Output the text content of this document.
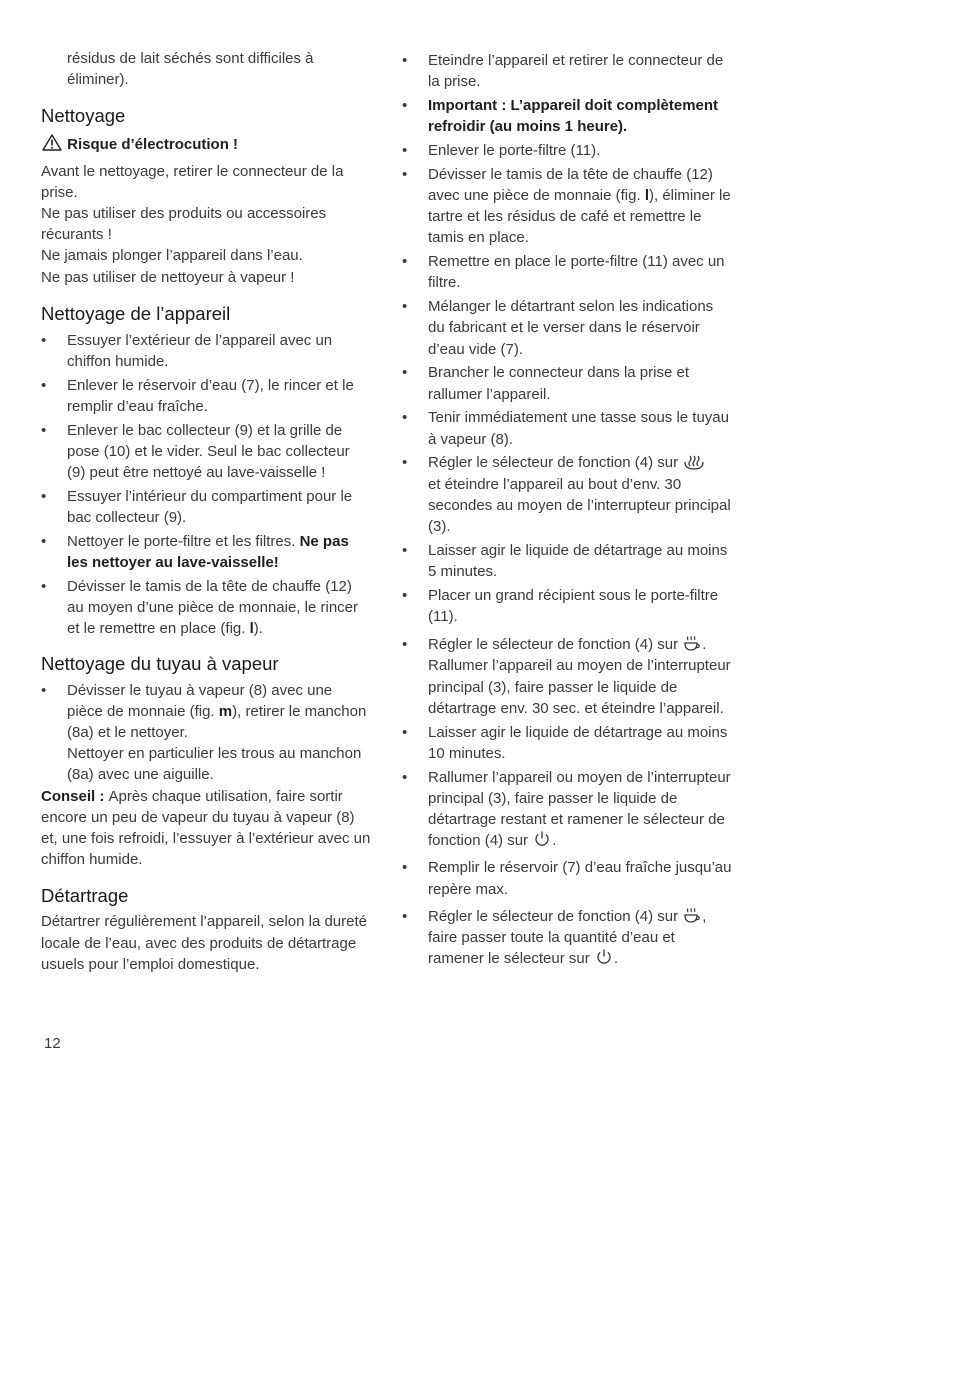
résidus de lait séchés sont difficiles à éliminer).

Nettoyage

Risque d’électrocution !

Avant le nettoyage, retirer le connecteur de la prise.

Ne pas utiliser des produits ou accessoires récurants !

Ne jamais plonger l’appareil dans l’eau.

Ne pas utiliser de nettoyeur à vapeur !

Nettoyage de l’appareil
• Essuyer l’extérieur de l’appareil avec un chiffon humide.
• Enlever le réservoir d’eau (7), le rincer et le remplir d’eau fraîche.
• Enlever le bac collecteur (9) et la grille de pose (10) et le vider. Seul le bac collecteur (9) peut être nettoyé au lave-vaisselle !
• Essuyer l’intérieur du compartiment pour le bac collecteur (9).
• Nettoyer le porte-filtre et les filtres. Ne pas les nettoyer au lave-vaisselle!
• Dévisser le tamis de la tête de chauffe (12) au moyen d’une pièce de monnaie, le rincer et le remettre en place (fig. l).
Nettoyage du tuyau à vapeur
• Dévisser le tuyau à vapeur (8) avec une pièce de monnaie (fig. m), retirer le manchon (8a) et le nettoyer.
Nettoyer en particulier les trous au manchon (8a) avec une aiguille.

Conseil : Après chaque utilisation, faire sortir encore un peu de vapeur du tuyau à vapeur (8) et, une fois refroidi, l’essuyer à l’extérieur avec un chiffon humide.

Détartrage

Détartrer régulièrement l’appareil, selon la dureté locale de l’eau, avec des produits de détartrage usuels pour l’emploi domestique.

• Eteindre l’appareil et retirer le connecteur de la prise.
• Important : L’appareil doit complètement refroidir (au moins 1 heure).
• Enlever le porte-filtre (11).
• Dévisser le tamis de la tête de chauffe (12) avec une pièce de monnaie (fig. l), éliminer le tartre et les résidus de café et remettre le tamis en place.
• Remettre en place le porte-filtre (11) avec un filtre.
• Mélanger le détartrant selon les indications du fabricant et le verser dans le réservoir d’eau vide (7).
• Brancher le connecteur dans la prise et rallumer l’appareil.
• Tenir immédiatement une tasse sous le tuyau à vapeur (8).
• Régler le sélecteur de fonction (4) sur
et éteindre l’appareil au bout d’env. 30 secondes au moyen de l’interrupteur principal (3).
• Laisser agir le liquide de détartrage au moins 5 minutes.
• Placer un grand récipient sous le porte-filtre (11).
• Régler le sélecteur de fonction (4) sur . Rallumer l’appareil au moyen de l’interrupteur principal (3), faire passer le liquide de détartrage env. 30 sec. et éteindre l’appareil.
• Laisser agir le liquide de détartrage au moins 10 minutes.
• Rallumer l’appareil ou moyen de l’interrupteur principal (3), faire passer le liquide de détartrage restant et ramener le sélecteur de fonction (4) sur .
• Remplir le réservoir (7) d’eau fraîche jusqu’au repère max.
• Régler le sélecteur de fonction (4) sur , faire passer toute la quantité d’eau et ramener le sélecteur sur .
12
